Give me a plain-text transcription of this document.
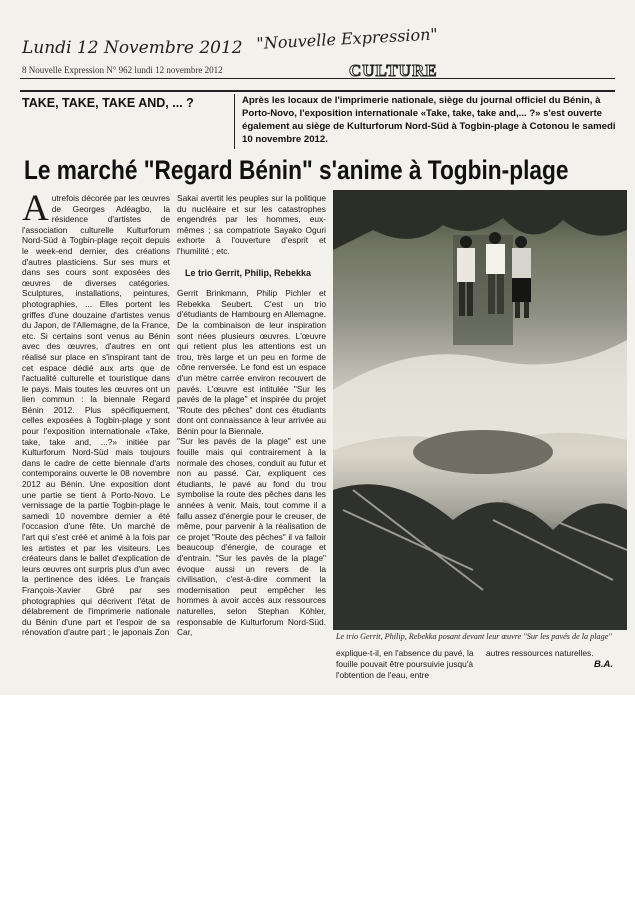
Lundi 12 Novembre 2012 "Nouvelle Expression"
8 Nouvelle Expression N° 962 lundi 12 novembre 2012	CULTURE
TAKE, TAKE, TAKE AND, ... ?	Après les locaux de l'imprimerie nationale, siège du journal officiel du Bénin, à Porto-Novo, l'exposition internationale «Take, take, take and,... ?» s'est ouverte également au siège de Kulturforum Nord-Süd à Togbin-plage à Cotonou le samedi 10 novembre 2012.
Le marché "Regard Bénin" s'anime à Togbin-plage
Autrefois décorée par les œuvres de Georges Adéagbo, la résidence d'artistes de l'association culturelle Kulturforum Nord-Süd à Togbin-plage reçoit depuis le week-end dernier, des créations d'autres plasticiens. Sur ses murs et dans ses cours sont exposées des œuvres de diverses catégories. Sculptures, installations, peintures, photographies, ... Elles portent les griffes d'une douzaine d'artistes venus du Japon, de l'Allemagne, de la France, etc. Si certains sont venus au Bénin avec des œuvres, d'autres en ont réalisé sur place en s'inspirant tant de cet espace dédié aux arts que de l'actualité culturelle et touristique dans le pays. Mais toutes les œuvres ont un lien commun : la biennale Regard Bénin 2012. Plus spécifiquement, celles exposées à Togbin-plage y sont pour l'exposition internationale «Take, take, take and, ...?» initiée par Kulturforum Nord-Süd mais toujours dans le cadre de cette biennale d'arts contemporains ouverte le 08 novembre 2012 au Bénin. Une exposition dont une partie se tient à Porto-Novo. Le vernissage de la partie Togbin-plage le samedi 10 novembre dernier a été l'occasion d'une fête. Un marché de l'art qui s'est créé et animé à la fois par les artistes et par les visiteurs. Les créateurs dans le ballet d'explication de leurs œuvres ont surpris plus d'un avec la pertinence des idées. Le français François-Xavier Gbré par ses photographies qui décrivent l'état de délabrement de l'imprimerie nationale du Bénin d'une part et l'espoir de sa rénovation d'autre part ; le japonais Zon
Sakai avertit les peuples sur la politique du nucléaire et sur les catastrophes engendrés par les hommes, eux-mêmes ; sa compatriote Sayako Oguri exhorte à l'ouverture d'esprit et l'humilité ; etc.
Le trio Gerrit, Philip, Rebekka
Gerrit Brinkmann, Philip Pichler et Rebekka Seubert. C'est un trio d'étudiants de Hambourg en Allemagne. De la combinaison de leur inspiration sont nées plusieurs œuvres. L'œuvre qui retient plus les attentions est un trou, très large et un peu en forme de cône renversée. Le fond est un espace d'un mètre carrée environ recouvert de pavés. L'œuvre est intitulée "Sur les pavés de la plage" et inspirée du projet "Route des pêches" dont ces étudiants dont ont connaissance à leur arrivée au Bénin pour la Biennale.
"Sur les pavés de la plage" est une fouille mais qui contrairement à la normale des choses, conduit au futur et non au passé. Car, expliquent ces étudiants, le pavé au fond du trou symbolise la route des pêches dans les années à venir. Mais, tout comme il a fallu assez d'énergie pour le creuser, de même, pour parvenir à la réalisation de ce projet "Route des pêches" il va falloir beaucoup d'énergie, de courage et d'entrain. "Sur les pavés de la plage" évoque aussi un revers de la civilisation, c'est-à-dire comment la modernisation peut empêcher les hommes à avoir accès aux ressources naturelles, selon Stephan Köhler, responsable de Kulturforum Nord-Süd. Car,	Le trio Gerrit, Philip, Rebekka posant devant leur œuvre "Sur les pavés de la plage"
explique-t-il, en l'absence du pavé, la fouille pouvait être poursuivie jusqu'à l'obtention de l'eau, entre
autres ressources naturelles.
B.A.
